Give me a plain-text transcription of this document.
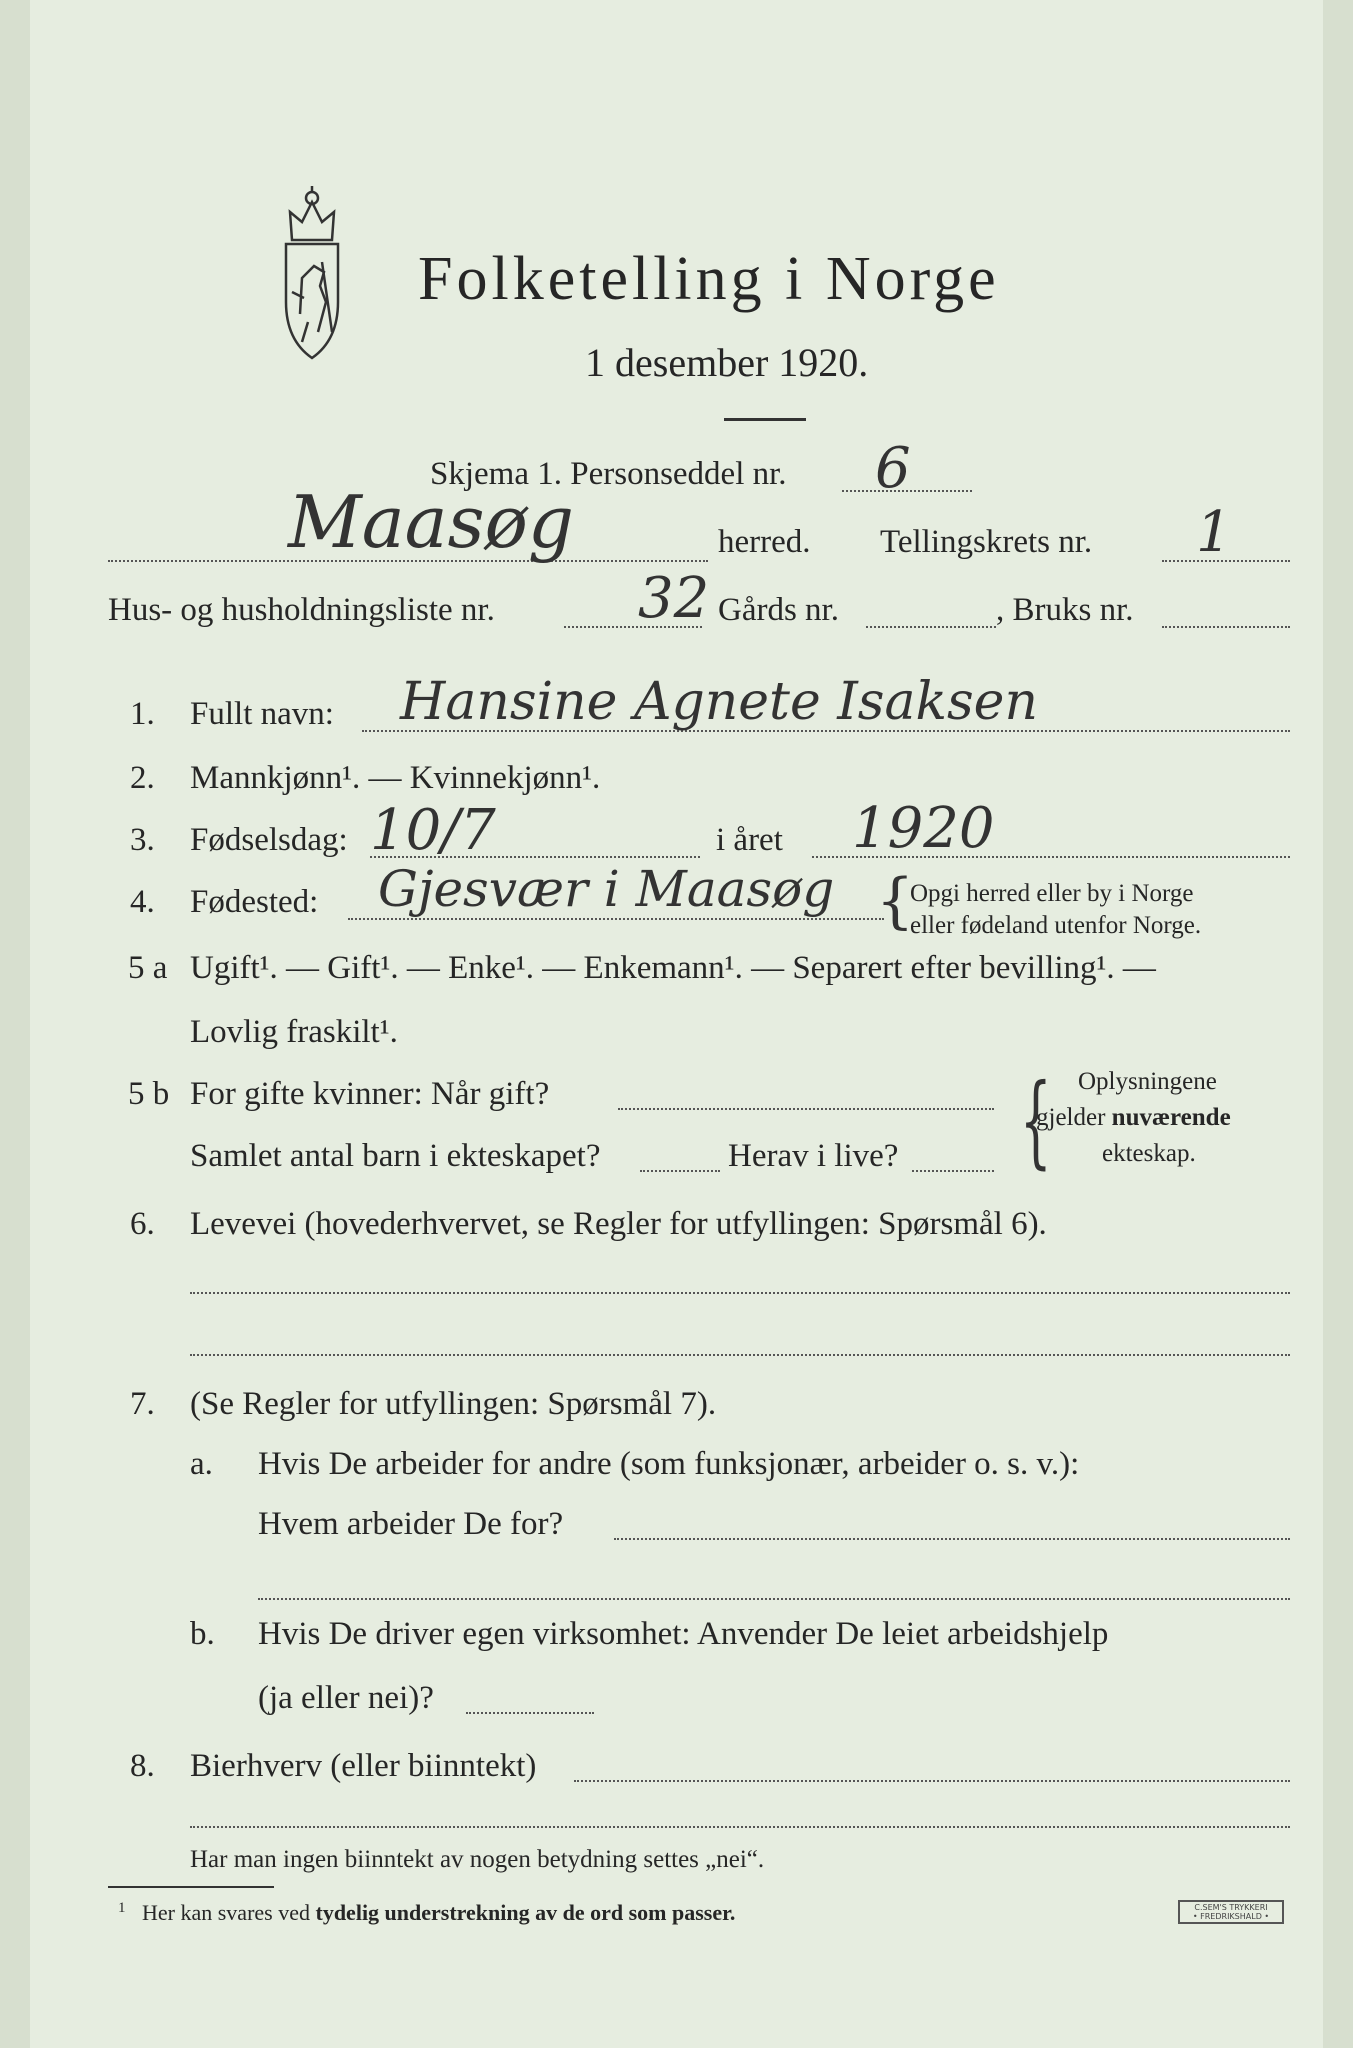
Folketelling i Norge
1 desember 1920.
Skjema 1. Personseddel nr. 6
Maasøg	herred. Tellingskrets nr. 1
Hus- og husholdningsliste nr.	32 Gårds nr.	, Bruks nr.
1. Fullt navn: Hansine Agnete Isaksen
2. Mannkjønn¹. — Kvinnekjønn¹.
3. Fødselsdag: 10/7	i året 1920
4. Fødested: Gjesvær i Maasøg {
Opgi herred eller by i Norge
eller fødeland utenfor Norge.
5 a Ugift¹. — Gift¹. — Enke¹. — Enkemann¹. — Separert efter bevilling¹. —
Lovlig fraskilt¹.
5 b For gifte kvinner: Når gift?
Samlet antal barn i ekteskapet?	Herav i live? { Oplysningene
gjelder nuværende
ekteskap.
6. Levevei (hovederhvervet, se Regler for utfyllingen: Spørsmål 6).
7. (Se Regler for utfyllingen: Spørsmål 7).
a. Hvis De arbeider for andre (som funksjonær, arbeider o. s. v.):
Hvem arbeider De for?
b. Hvis De driver egen virksomhet: Anvender De leiet arbeidshjelp
(ja eller nei)?
8. Bierhverv (eller biinntekt)
Har man ingen biinntekt av nogen betydning settes „nei“.
$^1$ Her kan svares ved tydelig understrekning av de ord som passer.	C.SEM'S TRYKKERI
• FREDRIKSHALD •
